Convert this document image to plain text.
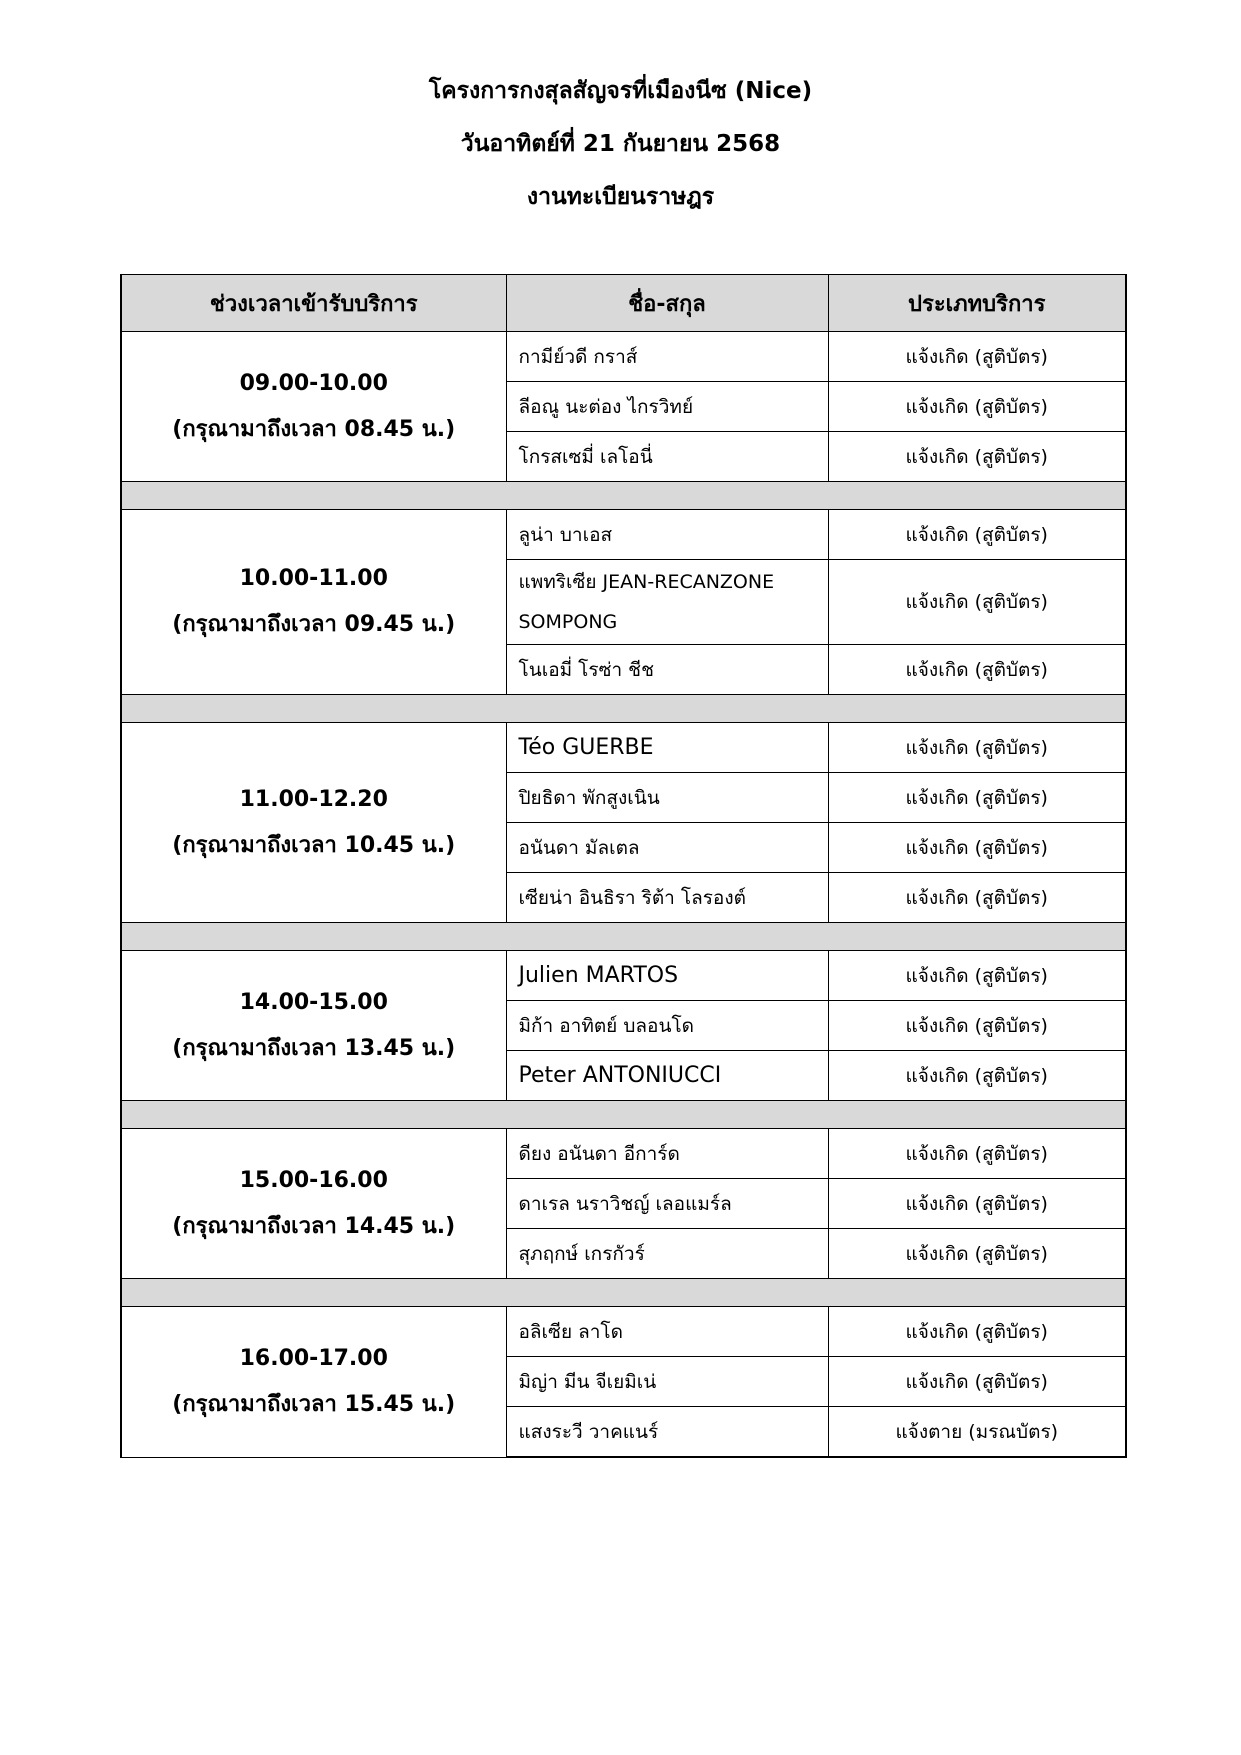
โครงการกงสุลสัญจรที่เมืองนีซ (Nice)
วันอาทิตย์ที่ 21 กันยายน 2568
งานทะเบียนราษฎร
ช่วงเวลาเข้ารับบริการ	ชื่อ-สกุล	ประเภทบริการ

09.00-10.00
(กรุณามาถึงเวลา 08.45 น.)	กามีย์วดี กราส์	แจ้งเกิด (สูติบัตร)
	ลีอณู นะต่อง ไกรวิทย์	แจ้งเกิด (สูติบัตร)
	โกรสเซมี่ เลโอนี่	แจ้งเกิด (สูติบัตร)

10.00-11.00
(กรุณามาถึงเวลา 09.45 น.)	ลูน่า บาเอส	แจ้งเกิด (สูติบัตร)
	แพทริเซีย JEAN-RECANZONE SOMPONG	แจ้งเกิด (สูติบัตร)
	โนเอมี่ โรซ่า ชีช	แจ้งเกิด (สูติบัตร)

11.00-12.20
(กรุณามาถึงเวลา 10.45 น.)	Téo GUERBE	แจ้งเกิด (สูติบัตร)
	ปิยธิดา พักสูงเนิน	แจ้งเกิด (สูติบัตร)
	อนันดา มัลเตล	แจ้งเกิด (สูติบัตร)
	เซียน่า อินธิรา ริต้า โลรองต์	แจ้งเกิด (สูติบัตร)

14.00-15.00
(กรุณามาถึงเวลา 13.45 น.)	Julien MARTOS	แจ้งเกิด (สูติบัตร)
	มิก้า อาทิตย์ บลอนโด	แจ้งเกิด (สูติบัตร)
	Peter ANTONIUCCI	แจ้งเกิด (สูติบัตร)

15.00-16.00
(กรุณามาถึงเวลา 14.45 น.)	ดียง อนันดา อีการ์ด	แจ้งเกิด (สูติบัตร)
	ดาเรล นราวิชญ์ เลอแมร์ล	แจ้งเกิด (สูติบัตร)
	สุภฤกษ์ เกรกัวร์	แจ้งเกิด (สูติบัตร)

16.00-17.00
(กรุณามาถึงเวลา 15.45 น.)	อลิเซีย ลาโด	แจ้งเกิด (สูติบัตร)
	มิญ่า มีน จีเยมิเน่	แจ้งเกิด (สูติบัตร)
	แสงระวี วาคแนร์	แจ้งตาย (มรณบัตร)
